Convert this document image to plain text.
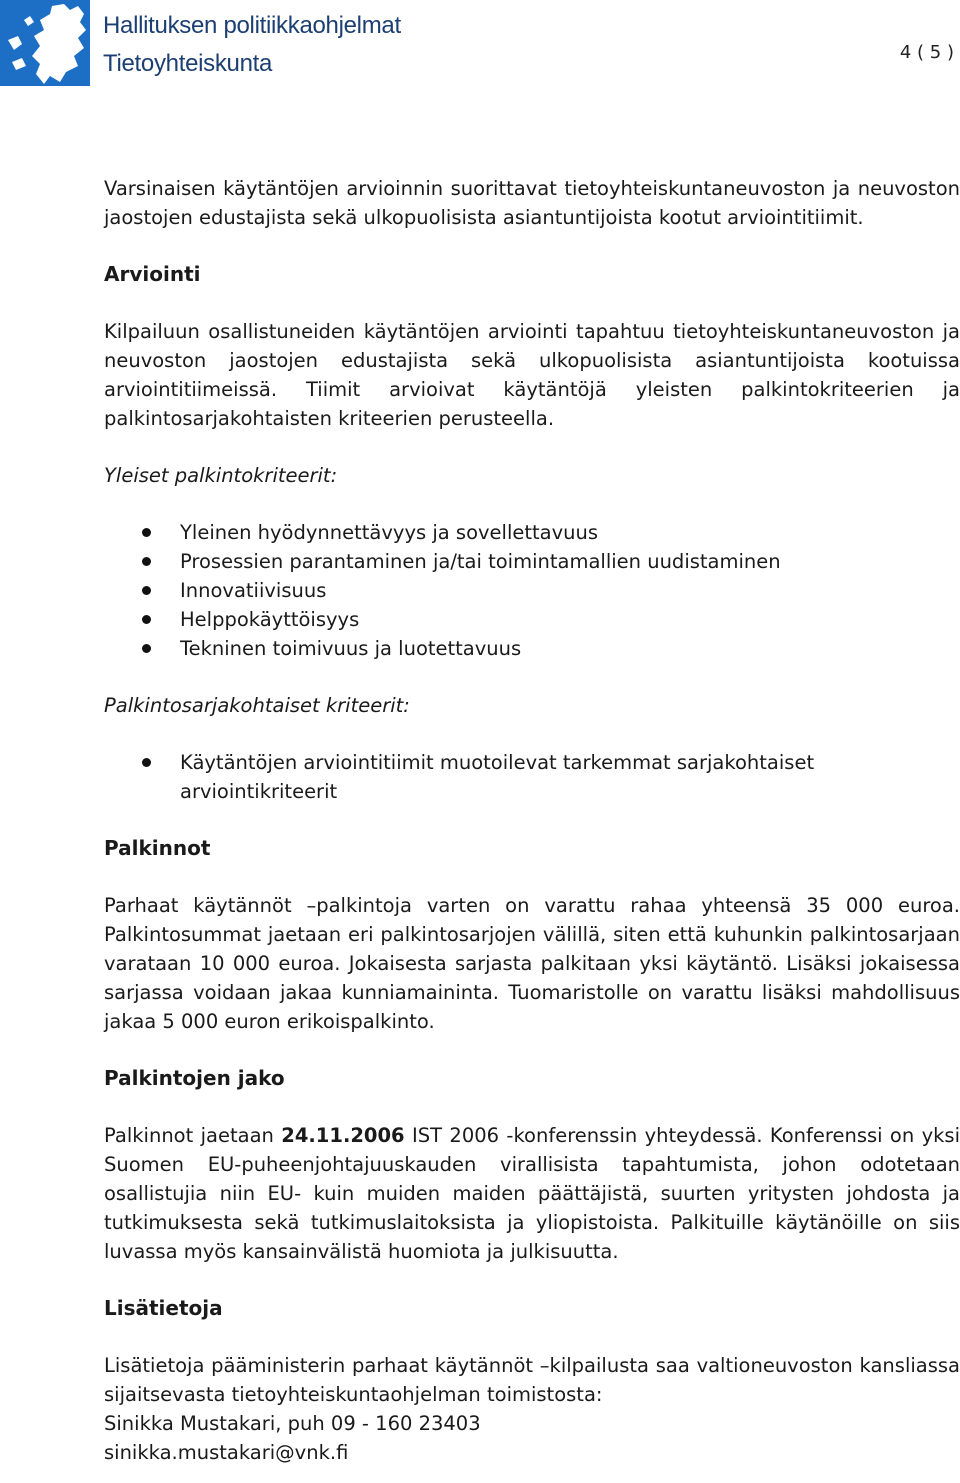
Hallituksen politiikkaohjelmat
Tietoyhteiskunta	4 ( 5 )

Varsinaisen käytäntöjen arvioinnin suorittavat tietoyhteiskuntaneuvoston ja neuvoston jaostojen edustajista sekä ulkopuolisista asiantuntijoista kootut arviointitiimit.

Arviointi

Kilpailuun osallistuneiden käytäntöjen arviointi tapahtuu tietoyhteiskuntaneuvoston ja neuvoston jaostojen edustajista sekä ulkopuolisista asiantuntijoista kootuissa arviointitiimeissä. Tiimit arvioivat käytäntöjä yleisten palkintokriteerien ja palkintosarjakohtaisten kriteerien perusteella.

Yleiset palkintokriteerit:
Yleinen hyödynnettävyys ja sovellettavuus
Prosessien parantaminen ja/tai toimintamallien uudistaminen
Innovatiivisuus
Helppokäyttöisyys
Tekninen toimivuus ja luotettavuus
Palkintosarjakohtaiset kriteerit:
Käytäntöjen arviointitiimit muotoilevat tarkemmat sarjakohtaiset arviointikriteerit
Palkinnot

Parhaat käytännöt –palkintoja varten on varattu rahaa yhteensä 35 000 euroa. Palkintosummat jaetaan eri palkintosarjojen välillä, siten että kuhunkin palkintosarjaan varataan 10 000 euroa. Jokaisesta sarjasta palkitaan yksi käytäntö. Lisäksi jokaisessa sarjassa voidaan jakaa kunniamaininta. Tuomaristolle on varattu lisäksi mahdollisuus jakaa 5 000 euron erikoispalkinto.

Palkintojen jako

Palkinnot jaetaan 24.11.2006 IST 2006 -konferenssin yhteydessä. Konferenssi on yksi Suomen EU-puheenjohtajuuskauden virallisista tapahtumista, johon odotetaan osallistujia niin EU- kuin muiden maiden päättäjistä, suurten yritysten johdosta ja tutkimuksesta sekä tutkimuslaitoksista ja yliopistoista. Palkituille käytänöille on siis luvassa myös kansainvälistä huomiota ja julkisuutta.

Lisätietoja

Lisätietoja pääministerin parhaat käytännöt –kilpailusta saa valtioneuvoston kansliassa sijaitsevasta tietoyhteiskuntaohjelman toimistosta:

Sinikka Mustakari, puh 09 - 160 23403
sinikka.mustakari@vnk.fi
